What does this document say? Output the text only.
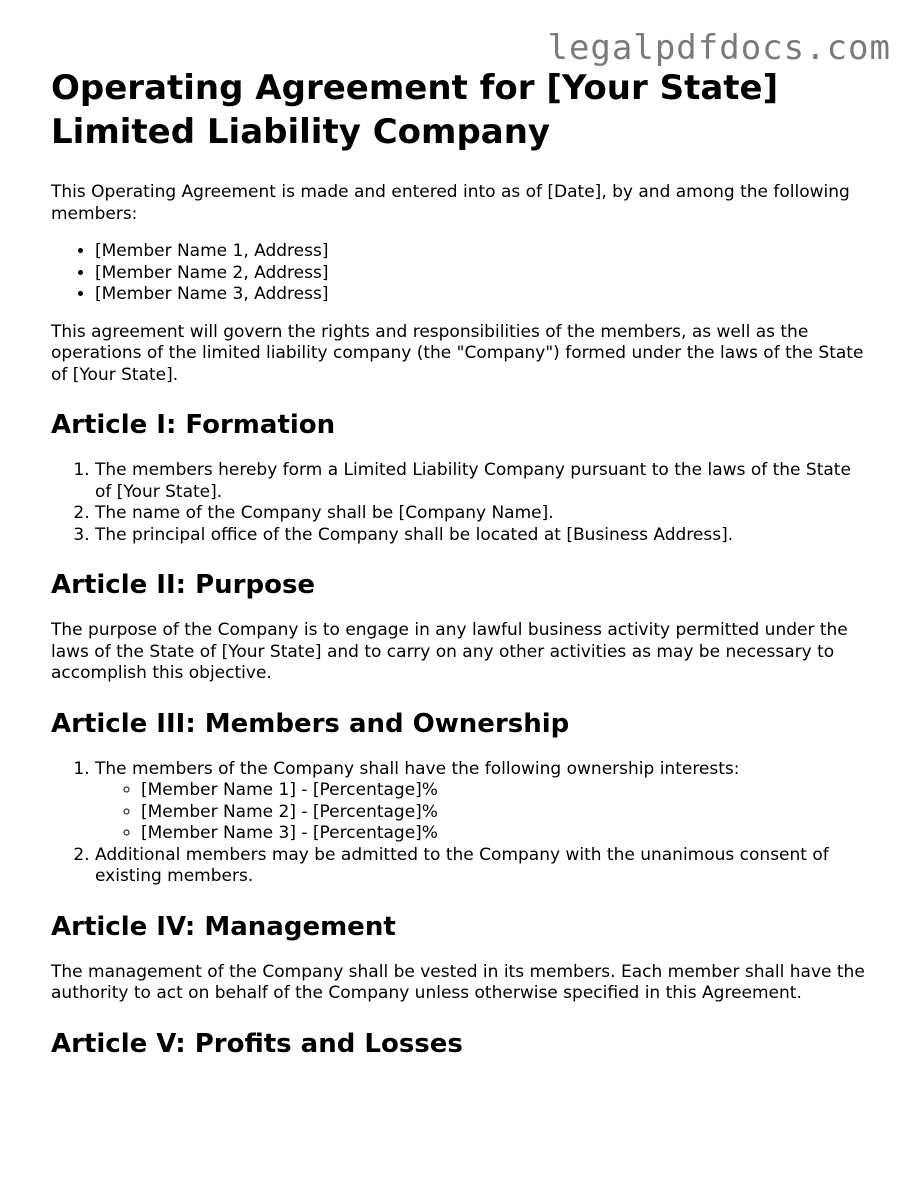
legalpdfdocs.com
Operating Agreement for [Your State] Limited Liability Company

This Operating Agreement is made and entered into as of [Date], by and among the following members:

• [Member Name 1, Address]
• [Member Name 2, Address]
• [Member Name 3, Address]

This agreement will govern the rights and responsibilities of the members, as well as the operations of the limited liability company (the "Company") formed under the laws of the State of [Your State].

Article I: Formation
1. The members hereby form a Limited Liability Company pursuant to the laws of the State of [Your State].
2. The name of the Company shall be [Company Name].
3. The principal office of the Company shall be located at [Business Address].
Article II: Purpose

The purpose of the Company is to engage in any lawful business activity permitted under the laws of the State of [Your State] and to carry on any other activities as may be necessary to accomplish this objective.

Article III: Members and Ownership
1. The members of the Company shall have the following ownership interests:
◦ [Member Name 1] - [Percentage]%
◦ [Member Name 2] - [Percentage]%
◦ [Member Name 3] - [Percentage]%
2. Additional members may be admitted to the Company with the unanimous consent of existing members.
Article IV: Management

The management of the Company shall be vested in its members. Each member shall have the authority to act on behalf of the Company unless otherwise specified in this Agreement.

Article V: Profits and Losses
